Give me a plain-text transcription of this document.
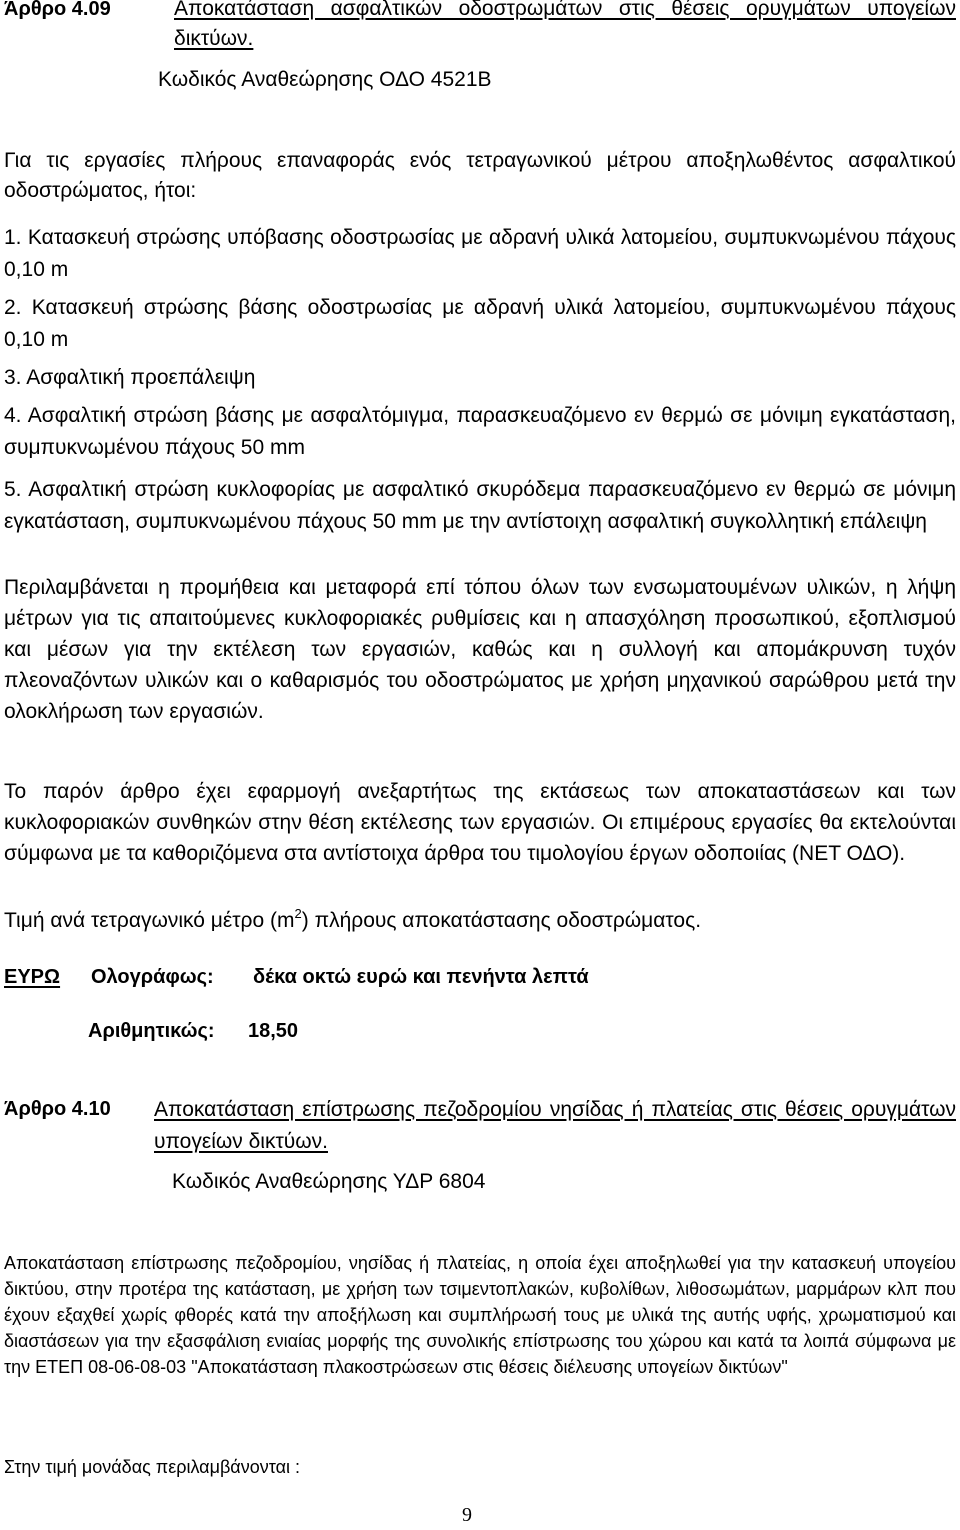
Άρθρο 4.09	Αποκατάσταση ασφαλτικών οδοστρωμάτων στις θέσεις ορυγμάτων υπογείων δικτύων.
Κωδικός Αναθεώρησης ΟΔΟ 4521Β
Για τις εργασίες πλήρους επαναφοράς ενός τετραγωνικού μέτρου αποξηλωθέντος ασφαλτικού οδοστρώματος, ήτοι:
1. Κατασκευή στρώσης υπόβασης οδοστρωσίας με αδρανή υλικά λατομείου, συμπυκνωμένου πάχους 0,10 m
2. Κατασκευή στρώσης βάσης οδοστρωσίας με αδρανή υλικά λατομείου, συμπυκνωμένου πάχους 0,10 m
3. Ασφαλτική προεπάλειψη
4. Ασφαλτική στρώση βάσης με ασφαλτόμιγμα, παρασκευαζόμενο εν θερμώ σε μόνιμη εγκατάσταση, συμπυκνωμένου πάχους 50 mm
5. Ασφαλτική στρώση κυκλοφορίας με ασφαλτικό σκυρόδεμα παρασκευαζόμενο εν θερμώ σε μόνιμη εγκατάσταση, συμπυκνωμένου πάχους 50 mm με την αντίστοιχη ασφαλτική συγκολλητική επάλειψη
Περιλαμβάνεται η προμήθεια και μεταφορά επί τόπου όλων των ενσωματουμένων υλικών, η λήψη μέτρων για τις απαιτούμενες κυκλοφοριακές ρυθμίσεις και η απασχόληση προσωπικού, εξοπλισμού και μέσων για την εκτέλεση των εργασιών, καθώς και η συλλογή και απομάκρυνση τυχόν πλεοναζόντων υλικών και ο καθαρισμός του οδοστρώματος με χρήση μηχανικού σαρώθρου μετά την ολοκλήρωση των εργασιών.
Το παρόν άρθρο έχει εφαρμογή ανεξαρτήτως της εκτάσεως των αποκαταστάσεων και των κυκλοφοριακών συνθηκών στην θέση εκτέλεσης των εργασιών. Οι επιμέρους εργασίες θα εκτελούνται σύμφωνα με τα καθοριζόμενα στα αντίστοιχα άρθρα του τιμολογίου έργων οδοποιίας (ΝΕΤ ΟΔΟ).
Τιμή ανά τετραγωνικό μέτρο $(m^2)$ πλήρους αποκατάστασης οδοστρώματος.
ΕΥΡΩ Ολογράφως: δέκα οκτώ ευρώ και πενήντα λεπτά
Αριθμητικώς: 18,50
Άρθρο 4.10	Αποκατάσταση επίστρωσης πεζοδρομίου νησίδας ή πλατείας στις θέσεις ορυγμάτων υπογείων δικτύων.
Κωδικός Αναθεώρησης ΥΔΡ 6804
Αποκατάσταση επίστρωσης πεζοδρομίου, νησίδας ή πλατείας, η οποία έχει αποξηλωθεί για την κατασκευή υπογείου δικτύου, στην προτέρα της κατάσταση, με χρήση των τσιμεντοπλακών, κυβολίθων, λιθοσωμάτων, μαρμάρων κλπ που έχουν εξαχθεί χωρίς φθορές κατά την αποξήλωση και συμπλήρωσή τους με υλικά της αυτής υφής, χρωματισμού και διαστάσεων για την εξασφάλιση ενιαίας μορφής της συνολικής επίστρωσης του χώρου και κατά τα λοιπά σύμφωνα με την ΕΤΕΠ 08-06-08-03 "Αποκατάσταση πλακοστρώσεων στις θέσεις διέλευσης υπογείων δικτύων"
Στην τιμή μονάδας περιλαμβάνονται :
9
